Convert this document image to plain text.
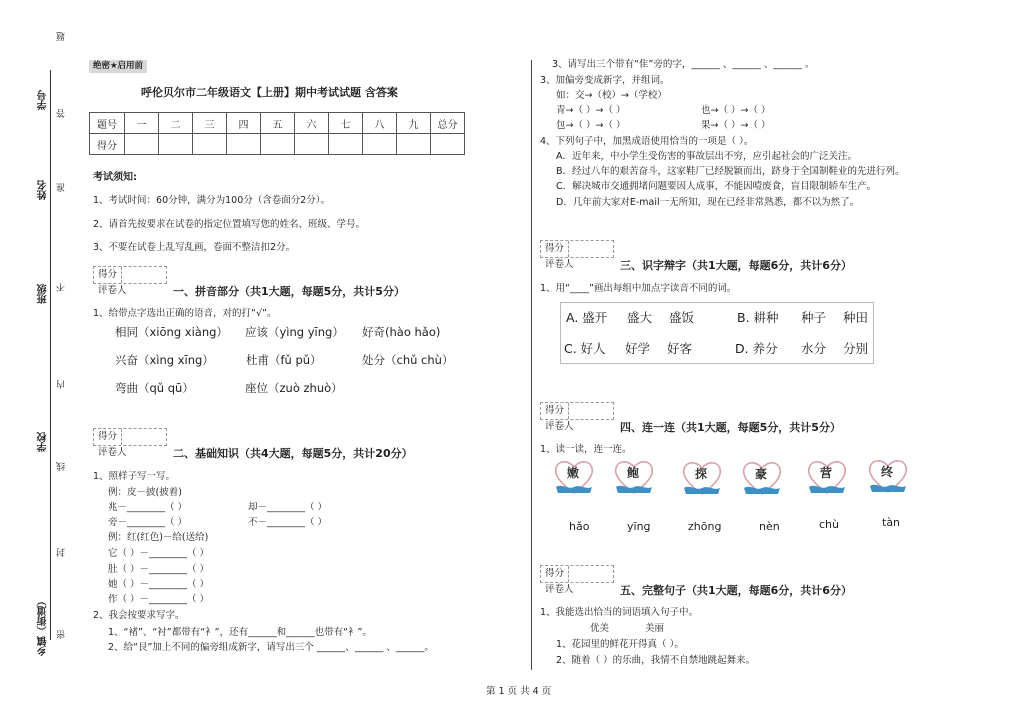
题
学号
答
姓名 准
班级 不
内
学校
线
封
乡镇（街道） 密
绝密★启用前
呼伦贝尔市二年级语文【上册】期中考试试题 含答案
题号	一	二	三	四	五	六	七	八	九	总分
得分										
考试须知:
1、考试时间：60分钟，满分为100分（含卷面分2分）。
2、请首先按要求在试卷的指定位置填写您的姓名、班级、学号。
3、不要在试卷上乱写乱画，卷面不整洁扣2分。
得分评卷人	一、拼音部分（共1大题，每题5分，共计5分）
1、给带点字选出正确的语音，对的打“√”。
相同（xiōng xiàng） 应该（yìng yīng） 好奇(hào hǎo)
兴奋（xìng xīng）	杜甫（fǔ pǔ）	处分（chǔ chù）
弯曲（qǔ qū）	座位（zuò zhuò）
得分评卷人	二、基础知识（共4大题，每题5分，共计20分）
1、照样子写一写。
例：皮－披(披着)
兆－________（ ）	却－________（ ）
旁－________（ ）	不－________（ ）
例：红(红色)－给(送给)
它（ ）－________（ ）
肚（ ）－________（ ）
她（ ）－________（ ）
作（ ）－________（ ）
2、我会按要求写字。
1、“褚”、“衬”都带有“衤”，还有______和______也带有“衤”。
2、给“艮”加上不同的偏旁组成新字，请写出三个 ______、______ 、______。
3、请写出三个带有“隹”旁的字，______ 、______ 、______ 。
3、加偏旁变成新字，并组词。
如：交→（校）→（学校）
青→（ ）→（ ）	也→（ ）→（ ）
包→（ ）→（ ）	果→（ ）→（ ）
4、下列句子中，加黑成语使用恰当的一项是（ ）。
A．近年来，中小学生受伤害的事故层出不穷，应引起社会的广泛关注。
B．经过八年的艰苦奋斗，这家鞋厂已经脱颖而出，跻身于全国制鞋业的先进行列。
C．解决城市交通拥堵问题要因人成事，不能因噎废食，盲目限制轿车生产。
D．几年前大家对E-mail一无所知，现在已经非常熟悉，都不以为然了。
得分评卷人	三、识字辩字（共1大题，每题6分，共计6分）
1、用“____”画出每组中加点字读音不同的词。
A. 盛开 盛大 盛饭	B. 耕种 种子 种田
C. 好人 好学 好客	D. 养分 水分 分别
得分评卷人	四、连一连（共1大题，每题5分，共计5分）
1、读一读，连一连。
嫩	鲍	探	豪	营	终
hǎo	yīng	zhōng	nèn	chù	tàn
得分评卷人	五、完整句子（共1大题，每题6分，共计6分）
1、我能选出恰当的词语填入句子中。
优美	美丽
1、花园里的鲜花开得真（ ）。
2、随着（ ）的乐曲，我情不自禁地跳起舞来。
第 1 页 共 4 页
